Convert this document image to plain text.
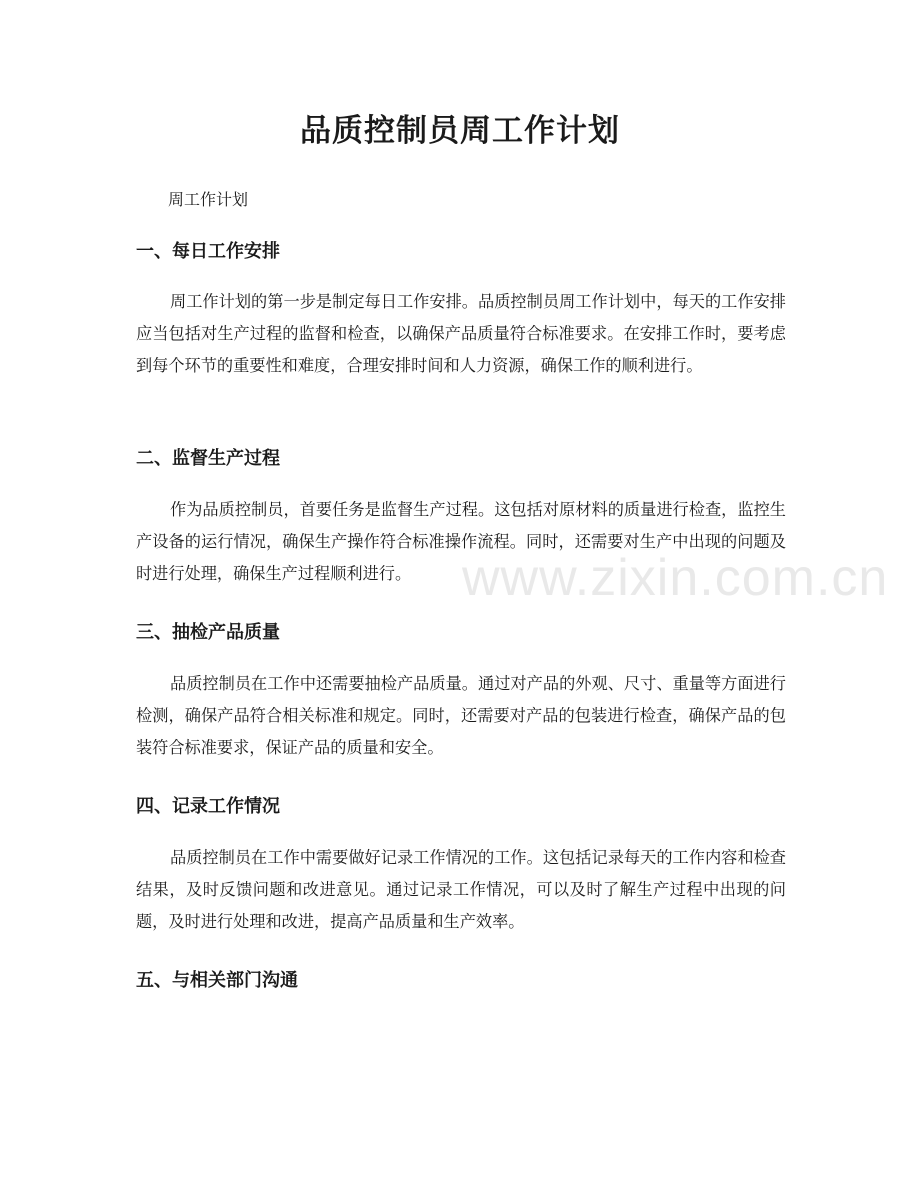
www.zixin.com.cn
品质控制员周工作计划

周工作计划

一、每日工作安排

周工作计划的第一步是制定每日工作安排。品质控制员周工作计划中，每天的工作安排应当包括对生产过程的监督和检查，以确保产品质量符合标准要求。在安排工作时，要考虑到每个环节的重要性和难度，合理安排时间和人力资源，确保工作的顺利进行。

二、监督生产过程

作为品质控制员，首要任务是监督生产过程。这包括对原材料的质量进行检查，监控生产设备的运行情况，确保生产操作符合标准操作流程。同时，还需要对生产中出现的问题及时进行处理，确保生产过程顺利进行。

三、抽检产品质量

品质控制员在工作中还需要抽检产品质量。通过对产品的外观、尺寸、重量等方面进行检测，确保产品符合相关标准和规定。同时，还需要对产品的包装进行检查，确保产品的包装符合标准要求，保证产品的质量和安全。

四、记录工作情况

品质控制员在工作中需要做好记录工作情况的工作。这包括记录每天的工作内容和检查结果，及时反馈问题和改进意见。通过记录工作情况，可以及时了解生产过程中出现的问题，及时进行处理和改进，提高产品质量和生产效率。

五、与相关部门沟通
